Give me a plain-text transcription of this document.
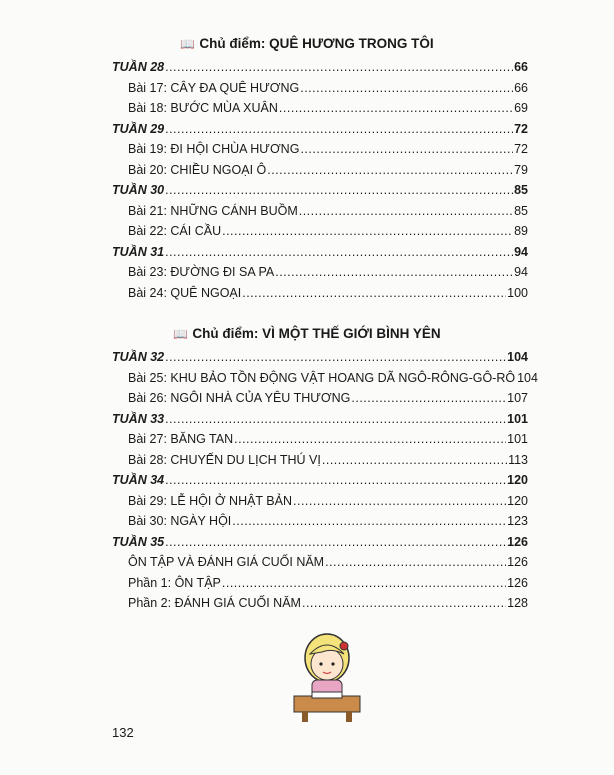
📖 Chủ điểm: QUÊ HƯƠNG TRONG TÔI
TUẦN 28 .....	66
Bài 17: CÂY ĐA QUÊ HƯƠNG .....	66
Bài 18: BƯỚC MÙA XUÂN .....	69
TUẦN 29 .....	72
Bài 19: ĐI HỘI CHÙA HƯƠNG .....	72
Bài 20: CHIỀU NGOẠI Ô .....	79
TUẦN 30 .....	85
Bài 21: NHỮNG CÁNH BUỒM .....	85
Bài 22: CÁI CẦU .....	89
TUẦN 31 .....	94
Bài 23: ĐƯỜNG ĐI SA PA .....	94
Bài 24: QUÊ NGOẠI .....	100
📖 Chủ điểm: VÌ MỘT THẾ GIỚI BÌNH YÊN
TUẦN 32 .....	104
Bài 25: KHU BẢO TỒN ĐỘNG VẬT HOANG DÃ NGÔ-RÔNG-GÔ-RÔ 104
Bài 26: NGÔI NHÀ CỦA YÊU THƯƠNG .....	107
TUẦN 33 .....	101
Bài 27: BĂNG TAN .....	101
Bài 28: CHUYẾN DU LỊCH THÚ VỊ .....	113
TUẦN 34 .....	120
Bài 29: LỄ HỘI Ở NHẬT BẢN .....	120
Bài 30: NGÀY HỘI .....	123
TUẦN 35 .....	126
ÔN TẬP VÀ ĐÁNH GIÁ CUỐI NĂM .....	126
Phần 1: ÔN TẬP .....	126
Phần 2: ĐÁNH GIÁ CUỐI NĂM .....	128
132
